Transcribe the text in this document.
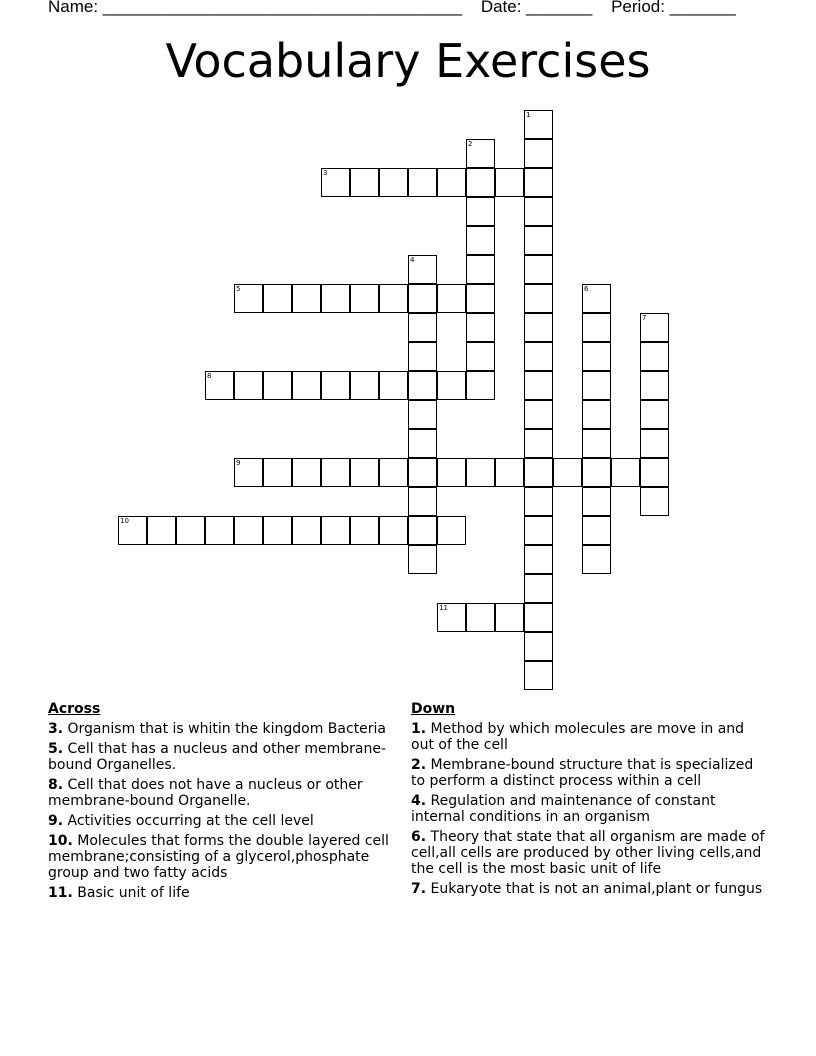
Name: ______________________________________ Date: _______ Period: _______
Vocabulary Exercises
1
2
3
4
5	6
7
8
9
10
11
Across
3. Organism that is whitin the kingdom Bacteria
5. Cell that has a nucleus and other membrane-bound Organelles.
8. Cell that does not have a nucleus or other membrane-bound Organelle.
9. Activities occurring at the cell level
10. Molecules that forms the double layered cell membrane;consisting of a glycerol,phosphate group and two fatty acids
11. Basic unit of life
Down
1. Method by which molecules are move in and out of the cell
2. Membrane-bound structure that is specialized to perform a distinct process within a cell
4. Regulation and maintenance of constant internal conditions in an organism
6. Theory that state that all organism are made of cell,all cells are produced by other living cells,and the cell is the most basic unit of life
7. Eukaryote that is not an animal,plant or fungus
